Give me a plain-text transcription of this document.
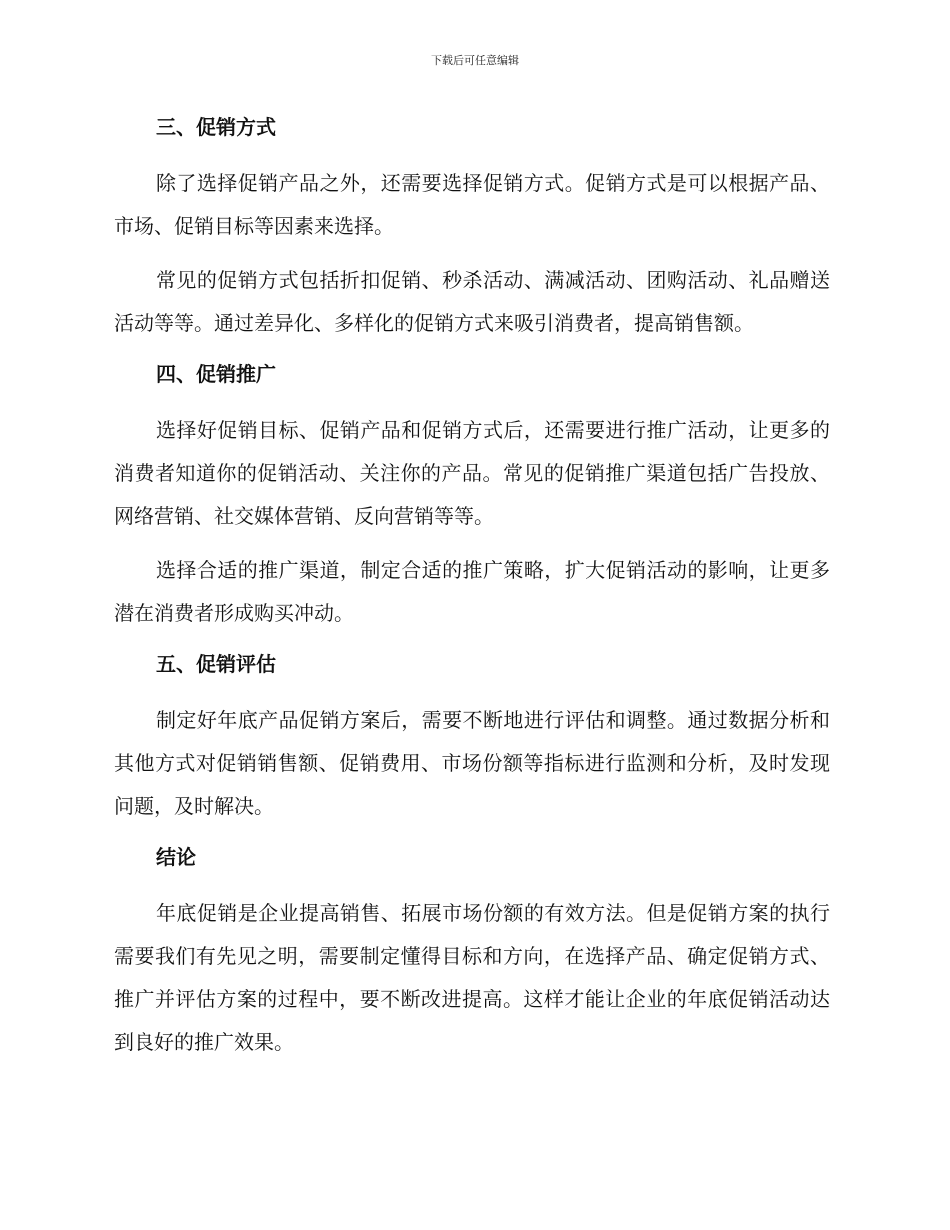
下载后可任意编辑
三、促销方式

除了选择促销产品之外，还需要选择促销方式。促销方式是可以根据产品、市场、促销目标等因素来选择。

常见的促销方式包括折扣促销、秒杀活动、满减活动、团购活动、礼品赠送活动等等。通过差异化、多样化的促销方式来吸引消费者，提高销售额。

四、促销推广

选择好促销目标、促销产品和促销方式后，还需要进行推广活动，让更多的消费者知道你的促销活动、关注你的产品。常见的促销推广渠道包括广告投放、网络营销、社交媒体营销、反向营销等等。

选择合适的推广渠道，制定合适的推广策略，扩大促销活动的影响，让更多潜在消费者形成购买冲动。

五、促销评估

制定好年底产品促销方案后，需要不断地进行评估和调整。通过数据分析和其他方式对促销销售额、促销费用、市场份额等指标进行监测和分析，及时发现问题，及时解决。

结论

年底促销是企业提高销售、拓展市场份额的有效方法。但是促销方案的执行需要我们有先见之明，需要制定懂得目标和方向，在选择产品、确定促销方式、推广并评估方案的过程中，要不断改进提高。这样才能让企业的年底促销活动达到良好的推广效果。
